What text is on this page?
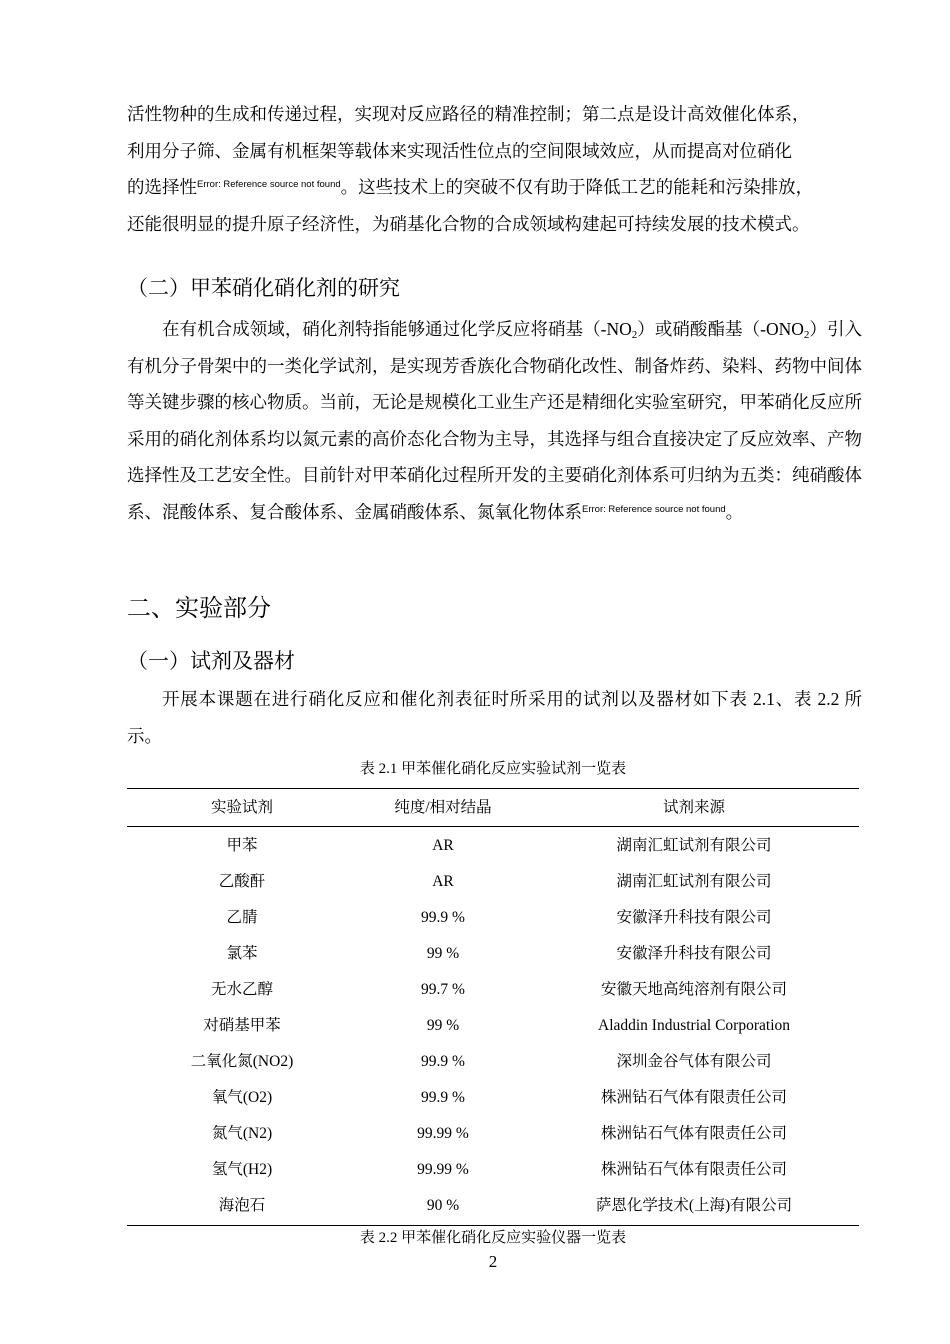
活性物种的生成和传递过程，实现对反应路径的精准控制；第二点是设计高效催化体系，
利用分子筛、金属有机框架等载体来实现活性位点的空间限域效应，从而提高对位硝化
的选择性$^{Error: Reference source not found}$。这些技术上的突破不仅有助于降低工艺的能耗和污染排放，
还能很明显的提升原子经济性，为硝基化合物的合成领域构建起可持续发展的技术模式。

（二）甲苯硝化硝化剂的研究

在有机合成领域，硝化剂特指能够通过化学反应将硝基$(-NO_2)$或硝酸酯基$(-ONO_2)$引入有机分子骨架中的一类化学试剂，是实现芳香族化合物硝化改性、制备炸药、染料、药物中间体等关键步骤的核心物质。当前，无论是规模化工业生产还是精细化实验室研究，甲苯硝化反应所采用的硝化剂体系均以氮元素的高价态化合物为主导，其选择与组合直接决定了反应效率、产物选择性及工艺安全性。目前针对甲苯硝化过程所开发的主要硝化剂体系可归纳为五类：纯硝酸体系、混酸体系、复合酸体系、金属硝酸体系、氮氧化物体系$^{Error: Reference source not found}$。

二、实验部分
（一）试剂及器材

开展本课题在进行硝化反应和催化剂表征时所采用的试剂以及器材如下表 2.1、表 2.2 所示。

表 2.1 甲苯催化硝化反应实验试剂一览表

实验试剂	纯度/相对结晶	试剂来源
甲苯	AR	湖南汇虹试剂有限公司
乙酸酐	AR	湖南汇虹试剂有限公司
乙腈	99.9 %	安徽泽升科技有限公司
氯苯	99 %	安徽泽升科技有限公司
无水乙醇	99.7 %	安徽天地高纯溶剂有限公司
对硝基甲苯	99 %	Aladdin Industrial Corporation
二氧化氮(NO2)	99.9 %	深圳金谷气体有限公司
氧气(O2)	99.9 %	株洲钻石气体有限责任公司
氮气(N2)	99.99 %	株洲钻石气体有限责任公司
氢气(H2)	99.99 %	株洲钻石气体有限责任公司
海泡石	90 %	萨恩化学技术(上海)有限公司

表 2.2 甲苯催化硝化反应实验仪器一览表

2
